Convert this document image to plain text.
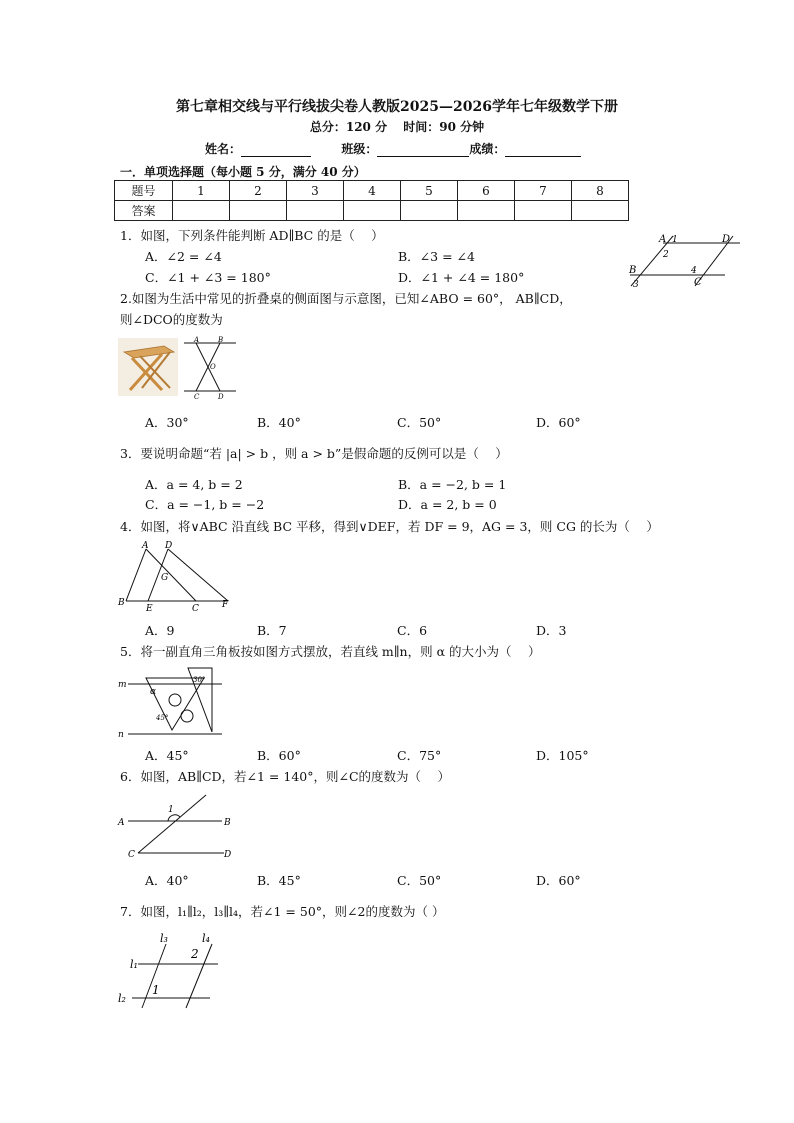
第七章相交线与平行线拔尖卷人教版2025—2026学年七年级数学下册
总分：120 分　 时间：90 分钟
姓名：	班级：	成绩：
一．单项选择题（每小题 5 分，满分 40 分）
题号	1	2	3	4	5	6	7	8
答案								
1．如图，下列条件能判断 AD∥BC 的是（　 ）
A．∠2 = ∠4	B．∠3 = ∠4
C．∠1 + ∠3 = 180°	D．∠1 + ∠4 = 180°
A 1	D
2
B
3
4
C
2.如图为生活中常见的折叠桌的侧面图与示意图，已知∠ABO = 60°， AB∥CD，
则∠DCO的度数为
A	B
O
C	D
A．30°	B．40°	C．50°	D．60°
3．要说明命题“若 |a| > b ，则 a > b”是假命题的反例可以是（　 ）
A．a = 4, b = 2	B．a = −2, b = 1
C．a = −1, b = −2	D．a = 2, b = 0
4．如图，将∨ABC 沿直线 BC 平移，得到∨DEF，若 DF = 9，AG = 3，则 CG 的长为（　 ）
A D
G
B
E	C	F
A．9	B．7	C．6	D．3
5．将一副直角三角板按如图方式摆放，若直线 m∥n，则 α 的大小为（　 ）
m
n
α
30°
45°
A．45°	B．60°	C．75°	D．105°
6．如图，AB∥CD，若∠1 = 140°，则∠C的度数为（　 ）
1
A	B
C	D
A．40°	B．45°	C．50°	D．60°
7．如图，l₁∥l₂，l₃∥l₄，若∠1 = 50°，则∠2的度数为（ ）
l₃	l₄
2
l₁
l₂
1
